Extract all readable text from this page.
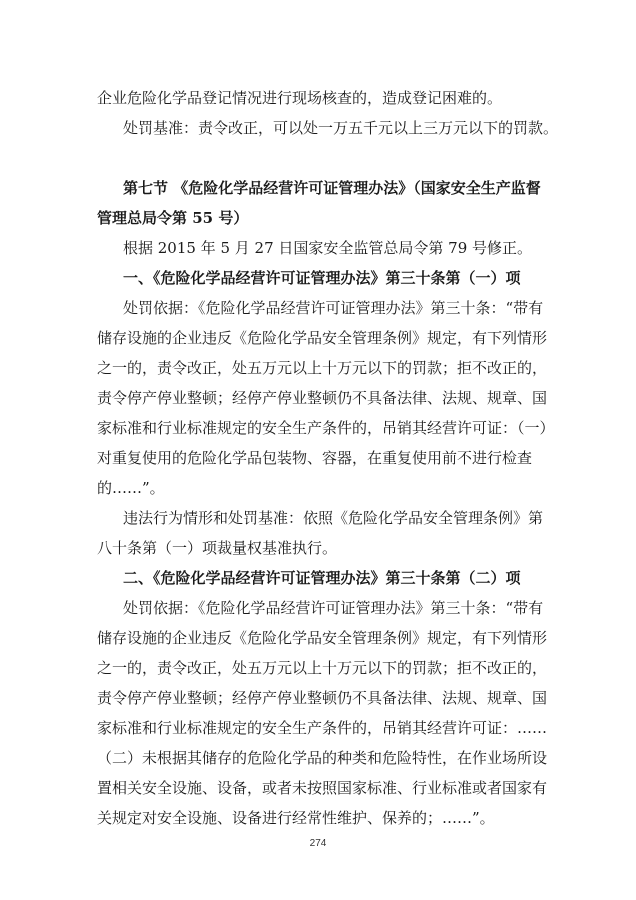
企业危险化学品登记情况进行现场核查的，造成登记困难的。
处罚基准：责令改正，可以处一万五千元以上三万元以下的罚款。
第七节 《危险化学品经营许可证管理办法》（国家安全生产监督
管理总局令第 55 号）
根据 2015 年 5 月 27 日国家安全监管总局令第 79 号修正。
一、《危险化学品经营许可证管理办法》第三十条第（一）项
处罚依据：《危险化学品经营许可证管理办法》第三十条：“带有
储存设施的企业违反《危险化学品安全管理条例》规定，有下列情形
之一的，责令改正，处五万元以上十万元以下的罚款；拒不改正的，
责令停产停业整顿；经停产停业整顿仍不具备法律、法规、规章、国
家标准和行业标准规定的安全生产条件的，吊销其经营许可证：（一）
对重复使用的危险化学品包装物、容器，在重复使用前不进行检查
的……”。
违法行为情形和处罚基准：依照《危险化学品安全管理条例》第
八十条第（一）项裁量权基准执行。
二、《危险化学品经营许可证管理办法》第三十条第（二）项
处罚依据：《危险化学品经营许可证管理办法》第三十条：“带有
储存设施的企业违反《危险化学品安全管理条例》规定，有下列情形
之一的，责令改正，处五万元以上十万元以下的罚款；拒不改正的，
责令停产停业整顿；经停产停业整顿仍不具备法律、法规、规章、国
家标准和行业标准规定的安全生产条件的，吊销其经营许可证：……
（二）未根据其储存的危险化学品的种类和危险特性，在作业场所设
置相关安全设施、设备，或者未按照国家标准、行业标准或者国家有
关规定对安全设施、设备进行经常性维护、保养的；……”。
274
